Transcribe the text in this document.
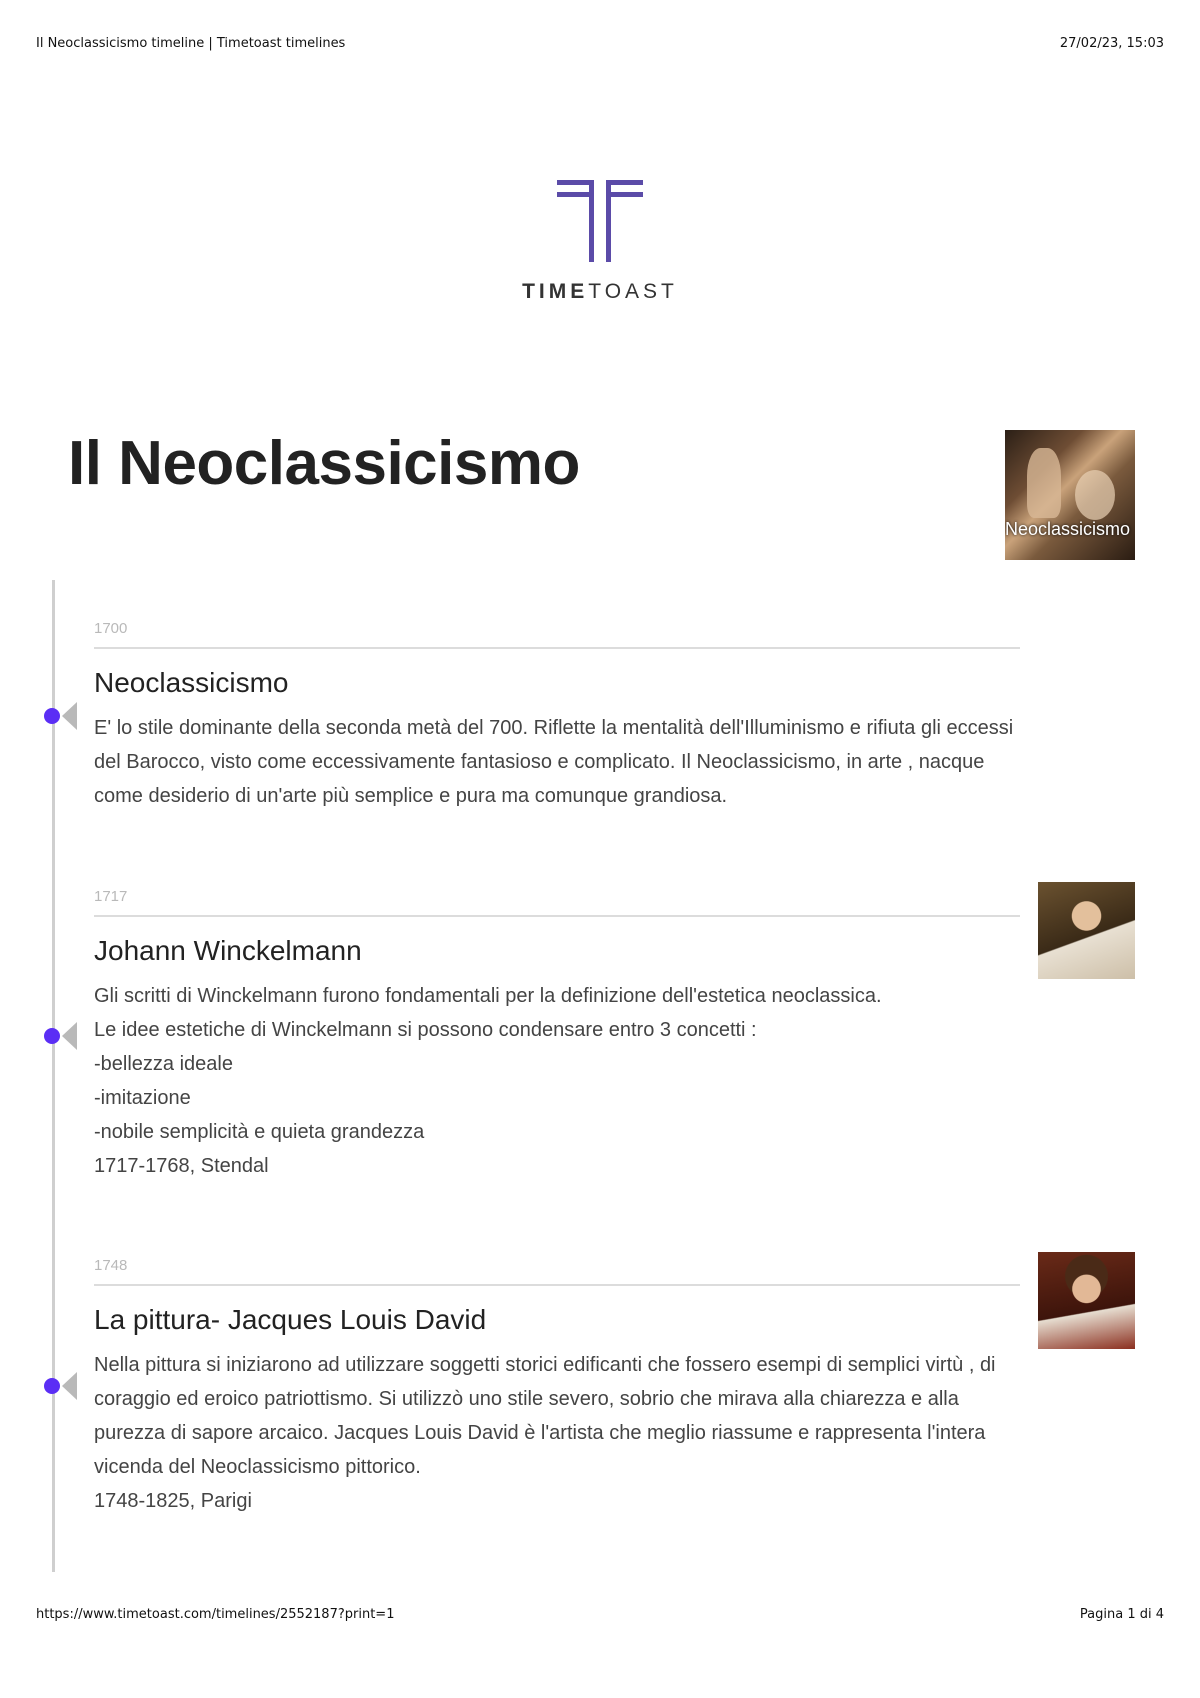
Il Neoclassicismo timeline | Timetoast timelines	27/02/23, 15:03
TIMETOAST
Il Neoclassicismo
Neoclassicismo

1700

Neoclassicismo
E' lo stile dominante della seconda metà del 700. Riflette la mentalità dell'Illuminismo e rifiuta gli eccessi del Barocco, visto come eccessivamente fantasioso e complicato. Il Neoclassicismo, in arte , nacque come desiderio di un'arte più semplice e pura ma comunque grandiosa.

1717

Johann Winckelmann
Gli scritti di Winckelmann furono fondamentali per la definizione dell'estetica neoclassica.
Le idee estetiche di Winckelmann si possono condensare entro 3 concetti :
-bellezza ideale
-imitazione
-nobile semplicità e quieta grandezza
1717-1768, Stendal

1748

La pittura- Jacques Louis David
Nella pittura si iniziarono ad utilizzare soggetti storici edificanti che fossero esempi di semplici virtù , di coraggio ed eroico patriottismo. Si utilizzò uno stile severo, sobrio che mirava alla chiarezza e alla purezza di sapore arcaico. Jacques Louis David è l'artista che meglio riassume e rappresenta l'intera vicenda del Neoclassicismo pittorico.
1748-1825, Parigi
https://www.timetoast.com/timelines/2552187?print=1	Pagina 1 di 4
